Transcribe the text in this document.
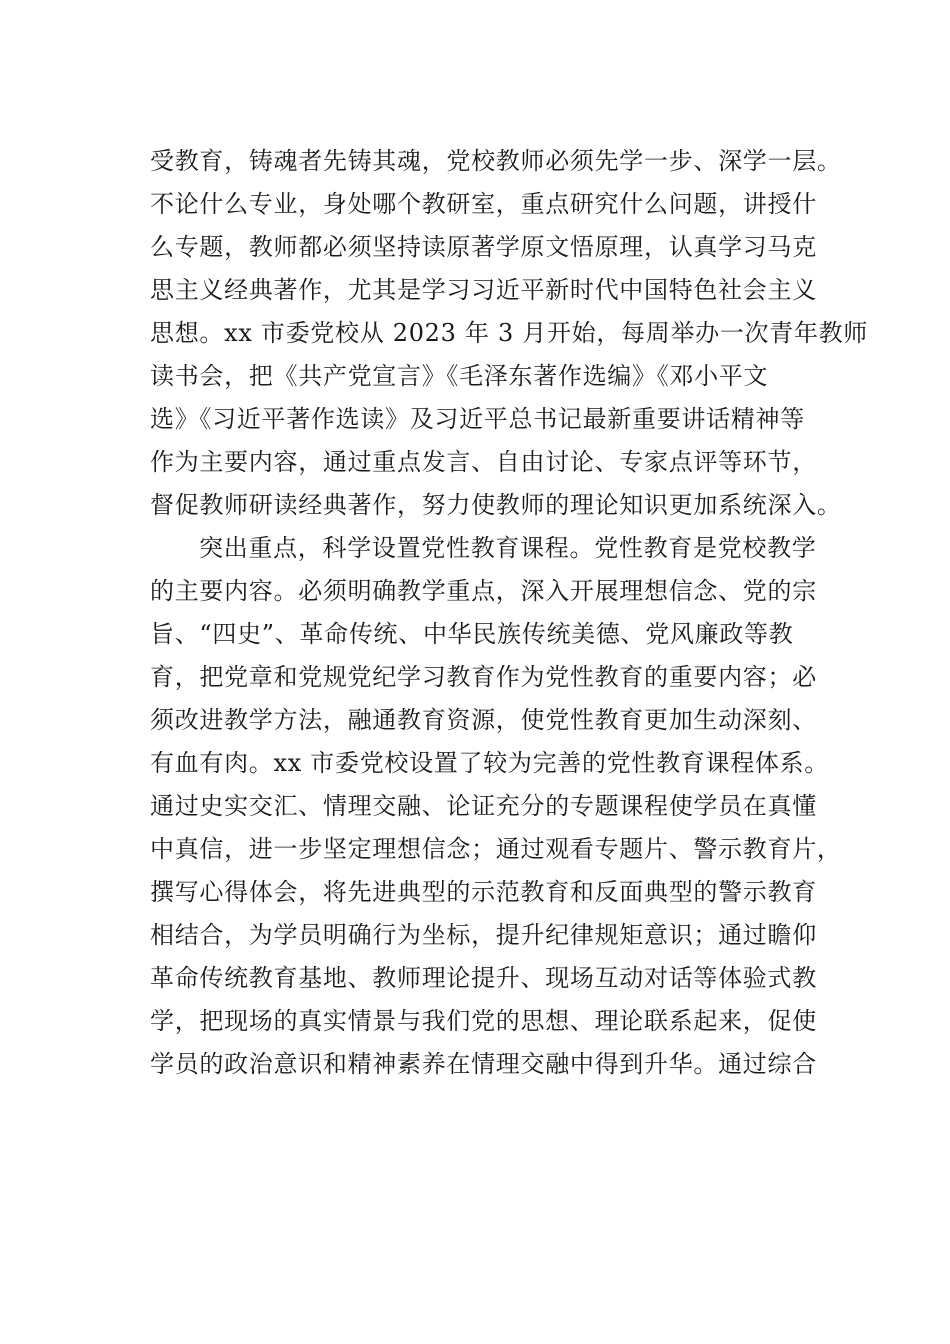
受教育，铸魂者先铸其魂，党校教师必须先学一步、深学一层。
不论什么专业，身处哪个教研室，重点研究什么问题，讲授什
么专题，教师都必须坚持读原著学原文悟原理，认真学习马克
思主义经典著作，尤其是学习习近平新时代中国特色社会主义
思想。xx 市委党校从 2023 年 3 月开始，每周举办一次青年教师
读书会，把《共产党宣言》《毛泽东著作选编》《邓小平文
选》《习近平著作选读》及习近平总书记最新重要讲话精神等
作为主要内容，通过重点发言、自由讨论、专家点评等环节，
督促教师研读经典著作，努力使教师的理论知识更加系统深入。
突出重点，科学设置党性教育课程。党性教育是党校教学
的主要内容。必须明确教学重点，深入开展理想信念、党的宗
旨、“四史”、革命传统、中华民族传统美德、党风廉政等教
育，把党章和党规党纪学习教育作为党性教育的重要内容；必
须改进教学方法，融通教育资源，使党性教育更加生动深刻、
有血有肉。xx 市委党校设置了较为完善的党性教育课程体系。
通过史实交汇、情理交融、论证充分的专题课程使学员在真懂
中真信，进一步坚定理想信念；通过观看专题片、警示教育片，
撰写心得体会，将先进典型的示范教育和反面典型的警示教育
相结合，为学员明确行为坐标，提升纪律规矩意识；通过瞻仰
革命传统教育基地、教师理论提升、现场互动对话等体验式教
学，把现场的真实情景与我们党的思想、理论联系起来，促使
学员的政治意识和精神素养在情理交融中得到升华。通过综合
